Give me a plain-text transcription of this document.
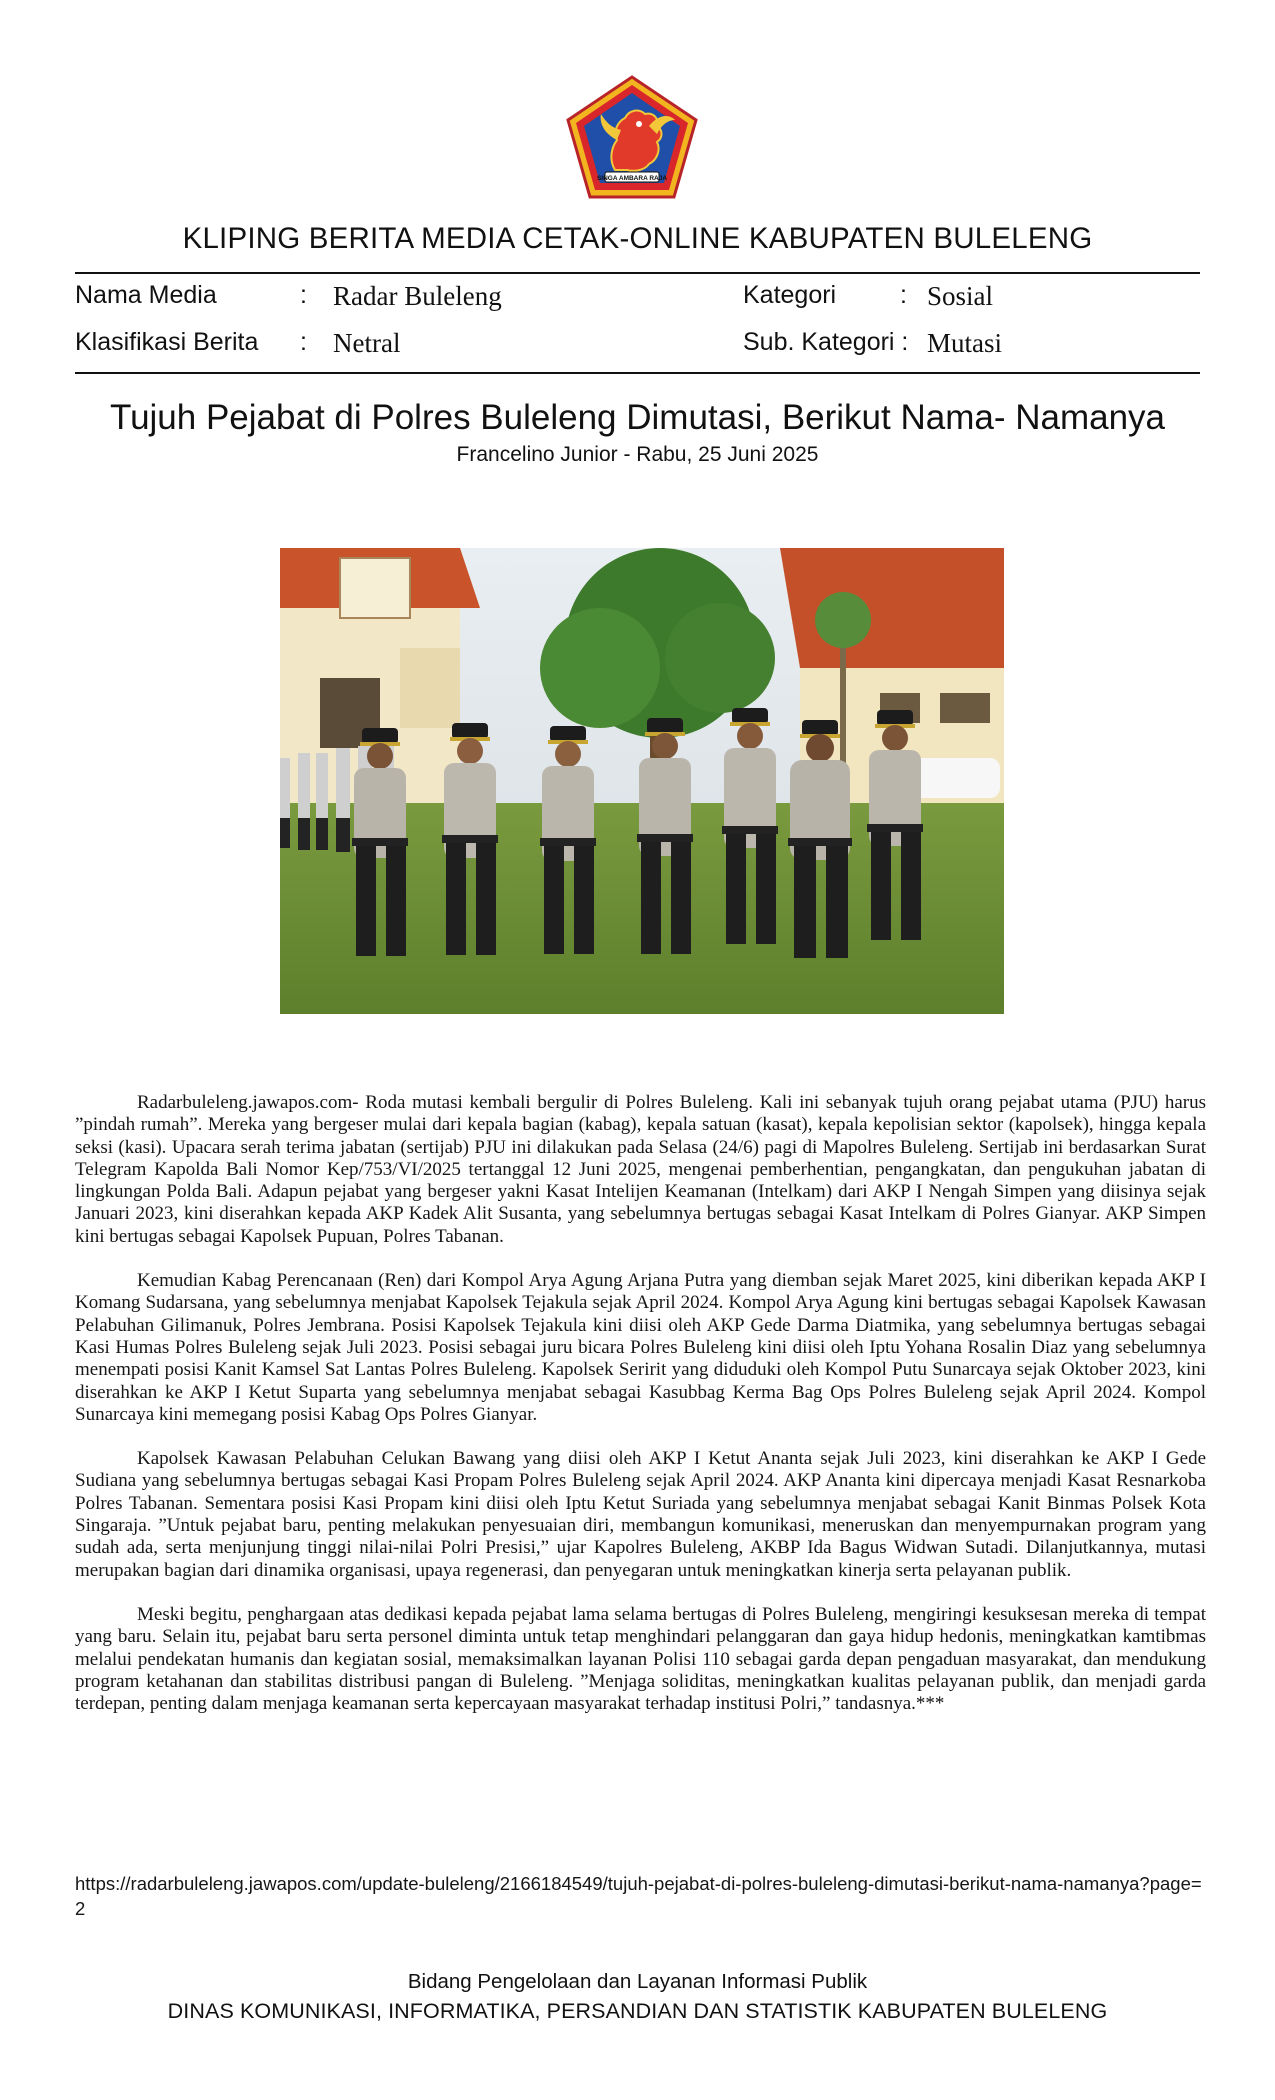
SINGA AMBARA RAJA
KLIPING BERITA MEDIA CETAK-ONLINE KABUPATEN BULELENG
Nama Media	: Radar Buleleng	Kategori	: Sosial
Klasifikasi Berita : Netral	Sub. Kategori : Mutasi
Tujuh Pejabat di Polres Buleleng Dimutasi, Berikut Nama- Namanya
Francelino Junior - Rabu, 25 Juni 2025

Radarbuleleng.jawapos.com- Roda mutasi kembali bergulir di Polres Buleleng. Kali ini sebanyak tujuh orang pejabat utama (PJU) harus ”pindah rumah”. Mereka yang bergeser mulai dari kepala bagian (kabag), kepala satuan (kasat), kepala kepolisian sektor (kapolsek), hingga kepala seksi (kasi). Upacara serah terima jabatan (sertijab) PJU ini dilakukan pada Selasa (24/6) pagi di Mapolres Buleleng. Sertijab ini berdasarkan Surat Telegram Kapolda Bali Nomor Kep/753/VI/2025 tertanggal 12 Juni 2025, mengenai pemberhentian, pengangkatan, dan pengukuhan jabatan di lingkungan Polda Bali. Adapun pejabat yang bergeser yakni Kasat Intelijen Keamanan (Intelkam) dari AKP I Nengah Simpen yang diisinya sejak Januari 2023, kini diserahkan kepada AKP Kadek Alit Susanta, yang sebelumnya bertugas sebagai Kasat Intelkam di Polres Gianyar. AKP Simpen kini bertugas sebagai Kapolsek Pupuan, Polres Tabanan.

Kemudian Kabag Perencanaan (Ren) dari Kompol Arya Agung Arjana Putra yang diemban sejak Maret 2025, kini diberikan kepada AKP I Komang Sudarsana, yang sebelumnya menjabat Kapolsek Tejakula sejak April 2024. Kompol Arya Agung kini bertugas sebagai Kapolsek Kawasan Pelabuhan Gilimanuk, Polres Jembrana. Posisi Kapolsek Tejakula kini diisi oleh AKP Gede Darma Diatmika, yang sebelumnya bertugas sebagai Kasi Humas Polres Buleleng sejak Juli 2023. Posisi sebagai juru bicara Polres Buleleng kini diisi oleh Iptu Yohana Rosalin Diaz yang sebelumnya menempati posisi Kanit Kamsel Sat Lantas Polres Buleleng. Kapolsek Seririt yang diduduki oleh Kompol Putu Sunarcaya sejak Oktober 2023, kini diserahkan ke AKP I Ketut Suparta yang sebelumnya menjabat sebagai Kasubbag Kerma Bag Ops Polres Buleleng sejak April 2024. Kompol Sunarcaya kini memegang posisi Kabag Ops Polres Gianyar.

Kapolsek Kawasan Pelabuhan Celukan Bawang yang diisi oleh AKP I Ketut Ananta sejak Juli 2023, kini diserahkan ke AKP I Gede Sudiana yang sebelumnya bertugas sebagai Kasi Propam Polres Buleleng sejak April 2024. AKP Ananta kini dipercaya menjadi Kasat Resnarkoba Polres Tabanan. Sementara posisi Kasi Propam kini diisi oleh Iptu Ketut Suriada yang sebelumnya menjabat sebagai Kanit Binmas Polsek Kota Singaraja. ”Untuk pejabat baru, penting melakukan penyesuaian diri, membangun komunikasi, meneruskan dan menyempurnakan program yang sudah ada, serta menjunjung tinggi nilai-nilai Polri Presisi,” ujar Kapolres Buleleng, AKBP Ida Bagus Widwan Sutadi. Dilanjutkannya, mutasi merupakan bagian dari dinamika organisasi, upaya regenerasi, dan penyegaran untuk meningkatkan kinerja serta pelayanan publik.

Meski begitu, penghargaan atas dedikasi kepada pejabat lama selama bertugas di Polres Buleleng, mengiringi kesuksesan mereka di tempat yang baru. Selain itu, pejabat baru serta personel diminta untuk tetap menghindari pelanggaran dan gaya hidup hedonis, meningkatkan kamtibmas melalui pendekatan humanis dan kegiatan sosial, memaksimalkan layanan Polisi 110 sebagai garda depan pengaduan masyarakat, dan mendukung program ketahanan dan stabilitas distribusi pangan di Buleleng. ”Menjaga soliditas, meningkatkan kualitas pelayanan publik, dan menjadi garda terdepan, penting dalam menjaga keamanan serta kepercayaan masyarakat terhadap institusi Polri,” tandasnya.***

https://radarbuleleng.jawapos.com/update-buleleng/2166184549/tujuh-pejabat-di-polres-buleleng-dimutasi-berikut-nama-namanya?page=2
Bidang Pengelolaan dan Layanan Informasi Publik
DINAS KOMUNIKASI, INFORMATIKA, PERSANDIAN DAN STATISTIK KABUPATEN BULELENG
